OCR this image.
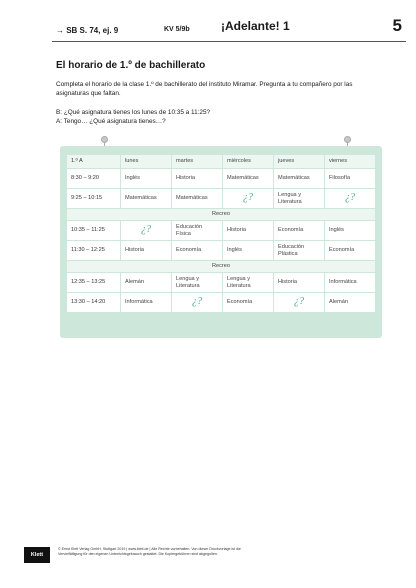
→ SB S. 74, ej. 9	KV 5/9b	¡Adelante! 1	5
El horario de 1.º de bachillerato
Completa el horario de la clase 1.º de bachillerato del instituto Miramar. Pregunta a tu compañero por las asignaturas que faltan.
B: ¿Qué asignatura tienes los lunes de 10:35 a 11:25?
A: Tengo… ¿Qué asignatura tienes…?
1.º A	lunes	martes	miércoles	jueves	viernes
8:30 – 9:20	Inglés	Historia	Matemáticas	Matemáticas	Filosofía
9:25 – 10:15	Matemáticas	Matemáticas	¿?	Lengua y Literatura	¿?
Recreo					
10:35 – 11:25	¿?	Educación Física	Historia	Economía	Inglés
11:30 – 12:25	Historia	Economía	Inglés	Educación Plástica	Economía
Recreo					
12:35 – 13:25	Alemán	Lengua y Literatura	Lengua y Literatura	Historia	Informática
13:30 – 14:20	Informática	¿?	Economía	¿?	Alemán
Klett
© Ernst Klett Verlag GmbH, Stuttgart 2019 | www.klett.de | Alle Rechte vorbehalten. Von dieser Druckvorlage ist die Vervielfältigung für den eigenen Unterrichtsgebrauch gestattet. Die Kopiergebühren sind abgegolten.
